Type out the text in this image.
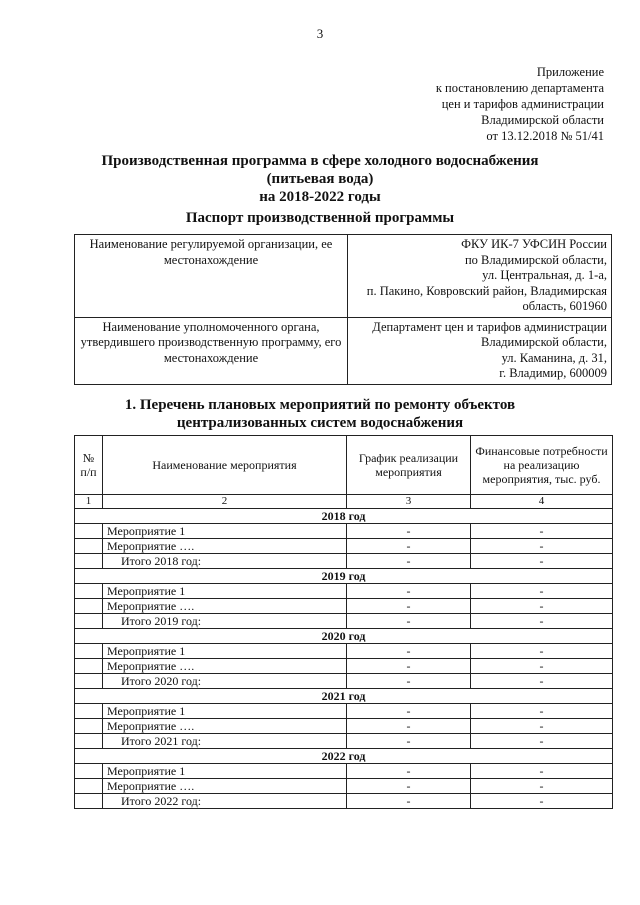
3
Приложение
к постановлению департамента
цен и тарифов администрации
Владимирской области
от 13.12.2018 № 51/41
Производственная программа в сфере холодного водоснабжения
(питьевая вода)
на 2018-2022 годы
Паспорт производственной программы
Наименование регулируемой организации, ее местонахождение	ФКУ ИК-7 УФСИН России
по Владимирской области,
ул. Центральная, д. 1-а,
п. Пакино, Ковровский район, Владимирская
область, 601960

Наименование уполномоченного органа, утвердившего производственную программу, его местонахождение	Департамент цен и тарифов администрации
Владимирской области,
ул. Каманина, д. 31,
г. Владимир, 600009
1. Перечень плановых мероприятий по ремонту объектов
централизованных систем водоснабжения
№ п/п	Наименование мероприятия	График реализации мероприятия	Финансовые потребности на реализацию мероприятия, тыс. руб.
1	2	3	4
2018 год			
	Мероприятие 1	-	-
	Мероприятие ….	-	-
	Итого 2018 год:	-	-
2019 год			
	Мероприятие 1	-	-
	Мероприятие ….	-	-
	Итого 2019 год:	-	-
2020 год			
	Мероприятие 1	-	-
	Мероприятие ….	-	-
	Итого 2020 год:	-	-
2021 год			
	Мероприятие 1	-	-
	Мероприятие ….	-	-
	Итого 2021 год:	-	-
2022 год			
	Мероприятие 1	-	-
	Мероприятие ….	-	-
	Итого 2022 год:	-	-
